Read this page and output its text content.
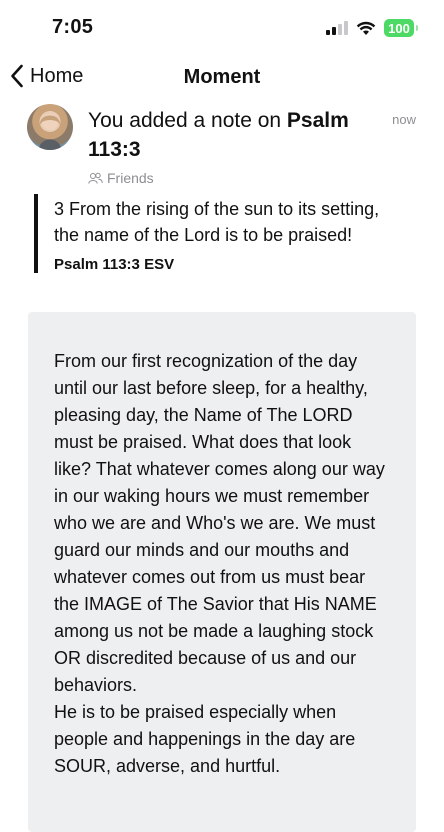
7:05	100
Home	Moment
You added a note on Psalm 113:3
now
Friends

3 From the rising of the sun to its setting, the name of the Lord is to be praised!

Psalm 113:3 ESV

From our first recognization of the day until our last before sleep, for a healthy, pleasing day, the Name of The LORD must be praised. What does that look like? That whatever comes along our way in our waking hours we must remember who we are and Who's we are. We must guard our minds and our mouths and whatever comes out from us must bear the IMAGE of The Savior that His NAME among us not be made a laughing stock OR discredited because of us and our behaviors.
He is to be praised especially when people and happenings in the day are SOUR, adverse, and hurtful.
